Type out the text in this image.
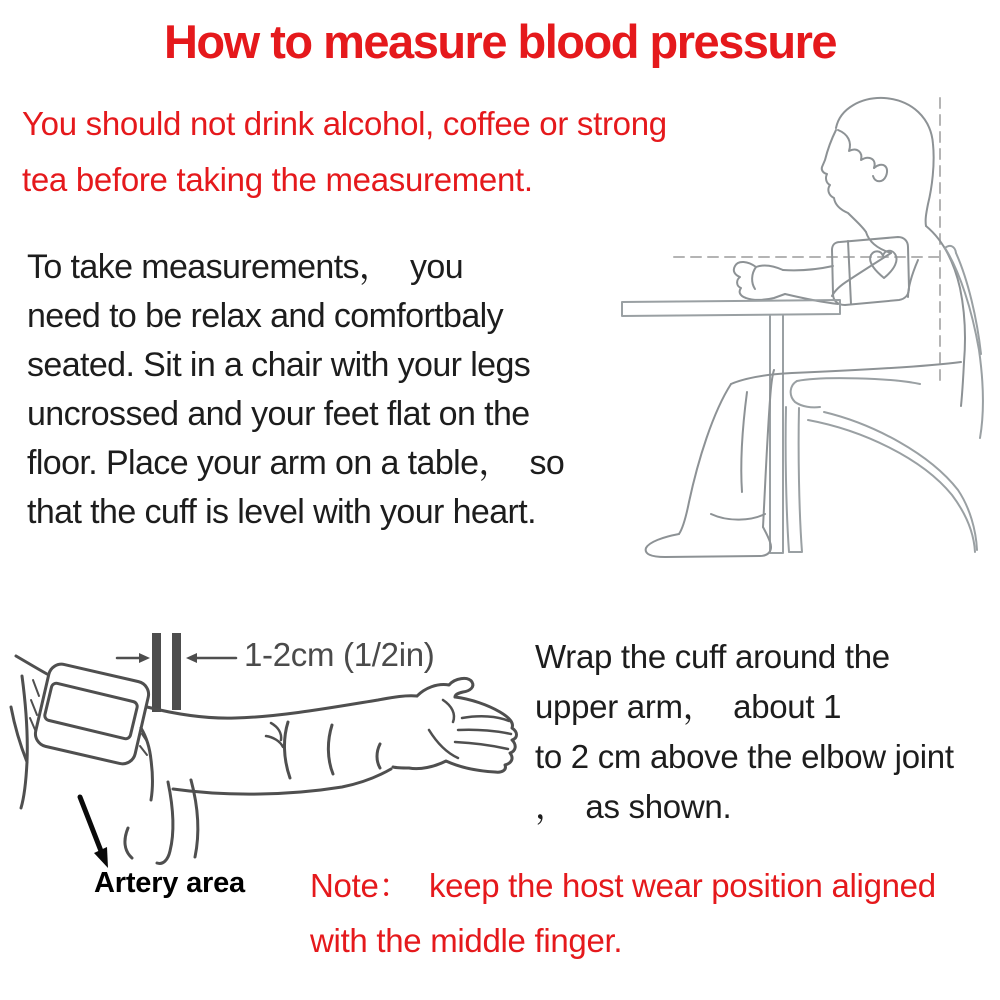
How to measure blood pressure
You should not drink alcohol, coffee or strong
tea before taking the measurement.
To take measurements，  you
need to be relax and comfortbaly
seated. Sit in a chair with your legs
uncrossed and your feet flat on the
floor. Place your arm on a table，  so
that the cuff is level with your heart.
1-2cm (1/2in)	Wrap the cuff around the
upper arm，  about 1
to 2 cm above the elbow joint
，  as shown.
Artery area Note：  keep the host wear position aligned
with the middle finger.
